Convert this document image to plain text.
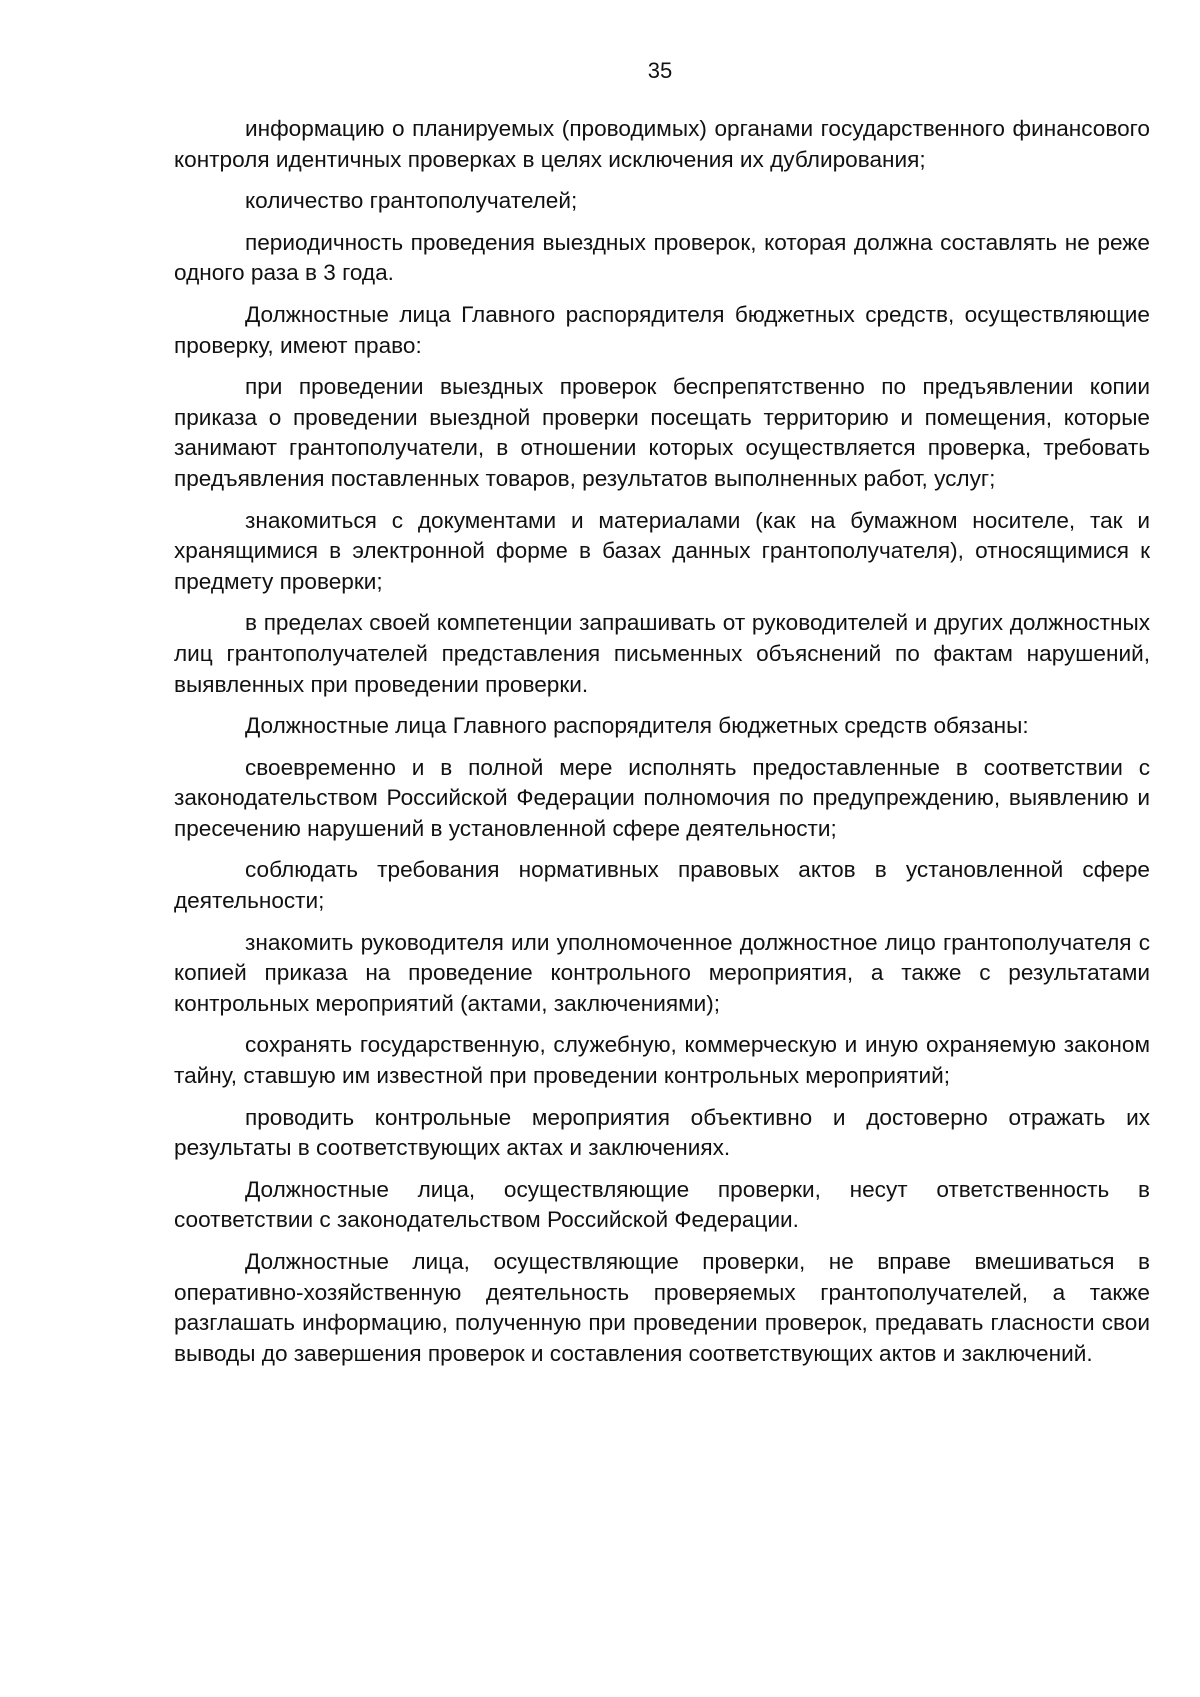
35

информацию о планируемых (проводимых) органами государственного финансового контроля идентичных проверках в целях исключения их дублирования;

количество грантополучателей;

периодичность проведения выездных проверок, которая должна составлять не реже одного раза в 3 года.

Должностные лица Главного распорядителя бюджетных средств, осуществляющие проверку, имеют право:

при проведении выездных проверок беспрепятственно по предъявлении копии приказа о проведении выездной проверки посещать территорию и помещения, которые занимают грантополучатели, в отношении которых осуществляется проверка, требовать предъявления поставленных товаров, результатов выполненных работ, услуг;

знакомиться с документами и материалами (как на бумажном носителе, так и хранящимися в электронной форме в базах данных грантополучателя), относящимися к предмету проверки;

в пределах своей компетенции запрашивать от руководителей и других должностных лиц грантополучателей представления письменных объяснений по фактам нарушений, выявленных при проведении проверки.

Должностные лица Главного распорядителя бюджетных средств обязаны:

своевременно и в полной мере исполнять предоставленные в соответствии с законодательством Российской Федерации полномочия по предупреждению, выявлению и пресечению нарушений в установленной сфере деятельности;

соблюдать требования нормативных правовых актов в установленной сфере деятельности;

знакомить руководителя или уполномоченное должностное лицо грантополучателя с копией приказа на проведение контрольного мероприятия, а также с результатами контрольных мероприятий (актами, заключениями);

сохранять государственную, служебную, коммерческую и иную охраняемую законом тайну, ставшую им известной при проведении контрольных мероприятий;

проводить контрольные мероприятия объективно и достоверно отражать их результаты в соответствующих актах и заключениях.

Должностные лица, осуществляющие проверки, несут ответственность в соответствии с законодательством Российской Федерации.

Должностные лица, осуществляющие проверки, не вправе вмешиваться в оперативно-хозяйственную деятельность проверяемых грантополучателей, а также разглашать информацию, полученную при проведении проверок, предавать гласности свои выводы до завершения проверок и составления соответствующих актов и заключений.
